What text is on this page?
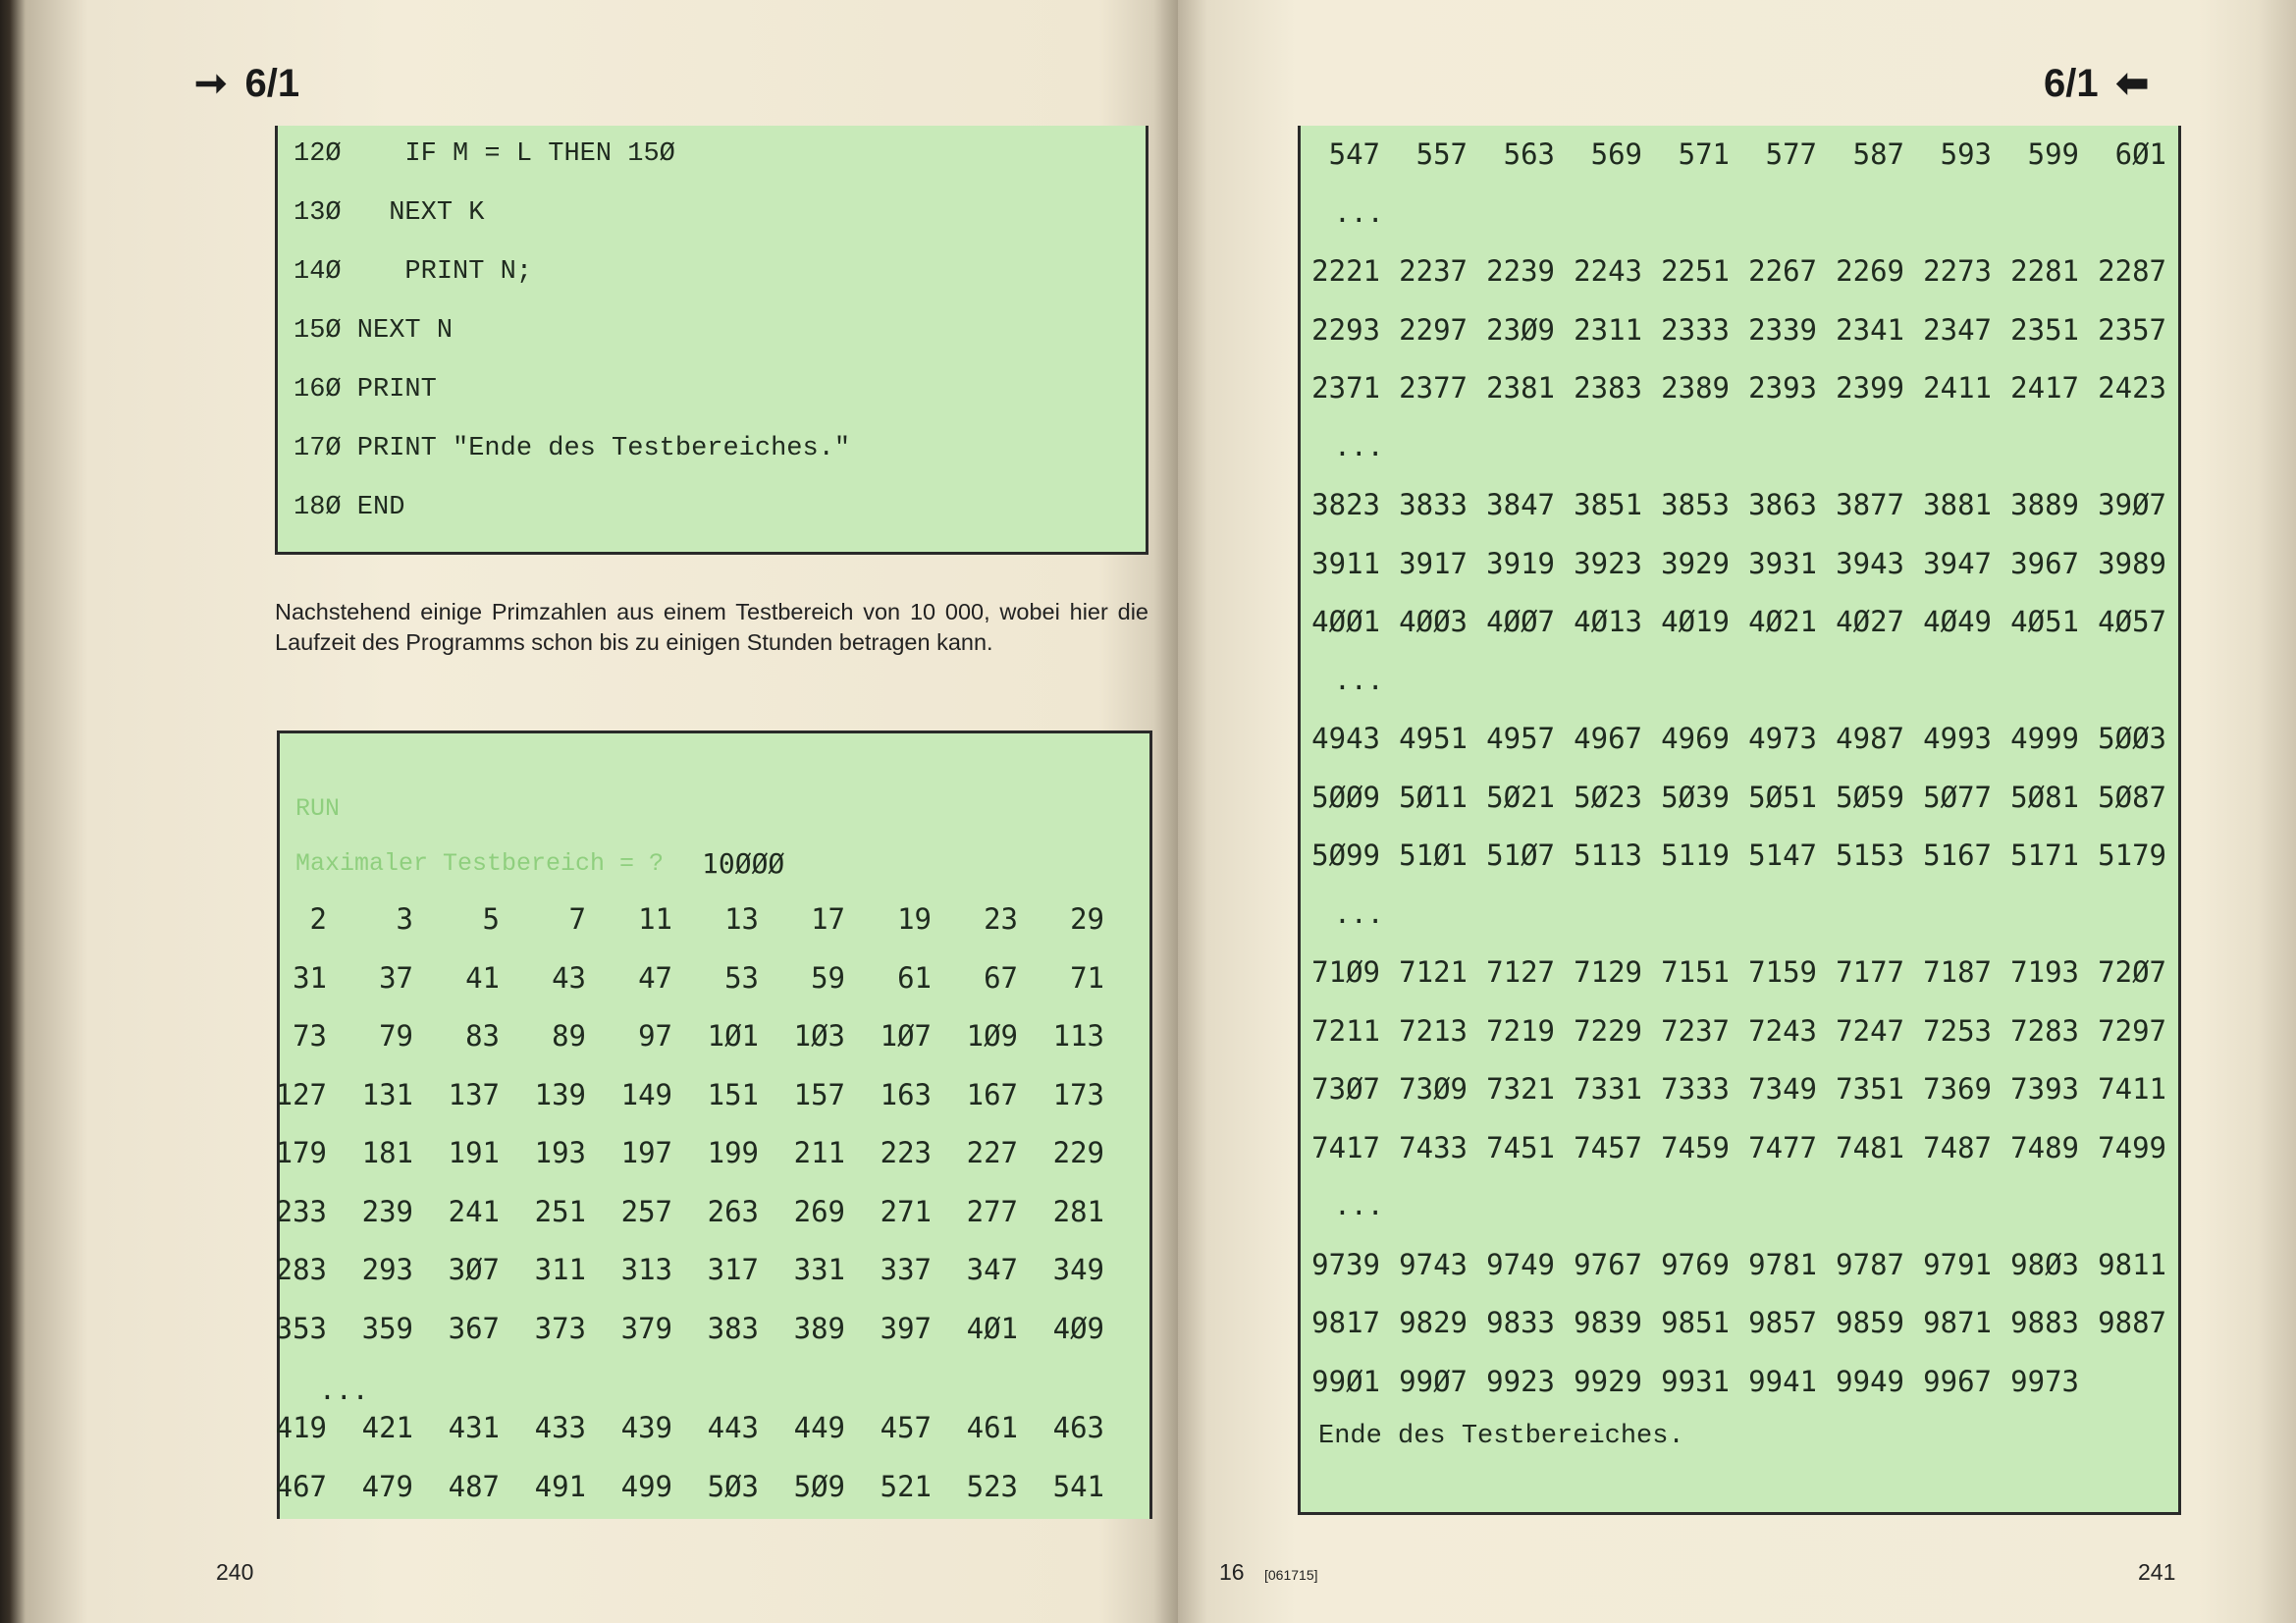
➞ 6/1
12Ø    IF M = L THEN 15Ø
13Ø   NEXT K
14Ø    PRINT N;
15Ø NEXT N
16Ø PRINT
17Ø PRINT "Ende des Testbereiches."
18Ø END
Nachstehend einige Primzahlen aus einem Testbereich von 10 000, wobei hier die Laufzeit des Programms schon bis zu einigen Stunden betragen kann.
RUN
Maximaler Testbereich = ? 10ØØØ
2	3	5	7	11	13	17	19	23	29
31	37	41	43	47	53	59	61	67	71
73	79	83	89	97	1Ø1	1Ø3	1Ø7	1Ø9	113
127	131	137	139	149	151	157	163	167	173
179	181	191	193	197	199	211	223	227	229
233	239	241	251	257	263	269	271	277	281
283	293	3Ø7	311	313	317	331	337	347	349
353	359	367	373	379	383	389	397	4Ø1	4Ø9
...
419	421	431	433	439	443	449	457	461	463
467	479	487	491	499	5Ø3	5Ø9	521	523	541
240
6/1 ⬅
547	557	563	569	571	577	587	593	599	6Ø1
...
2221 2237 2239 2243 2251 2267 2269 2273 2281 2287
2293 2297 23Ø9 2311 2333 2339 2341 2347 2351 2357
2371 2377 2381 2383 2389 2393 2399 2411 2417 2423
...
3823 3833 3847 3851 3853 3863 3877 3881 3889 39Ø7
3911 3917 3919 3923 3929 3931 3943 3947 3967 3989
4ØØ1 4ØØ3 4ØØ7 4Ø13 4Ø19 4Ø21 4Ø27 4Ø49 4Ø51 4Ø57
...
4943 4951 4957 4967 4969 4973 4987 4993 4999 5ØØ3
5ØØ9 5Ø11 5Ø21 5Ø23 5Ø39 5Ø51 5Ø59 5Ø77 5Ø81 5Ø87
5Ø99 51Ø1 51Ø7 5113 5119 5147 5153 5167 5171 5179
...
71Ø9 7121 7127 7129 7151 7159 7177 7187 7193 72Ø7
7211 7213 7219 7229 7237 7243 7247 7253 7283 7297
73Ø7 73Ø9 7321 7331 7333 7349 7351 7369 7393 7411
7417 7433 7451 7457 7459 7477 7481 7487 7489 7499
...
9739 9743 9749 9767 9769 9781 9787 9791 98Ø3 9811
9817 9829 9833 9839 9851 9857 9859 9871 9883 9887
99Ø1 99Ø7 9923 9929 9931 9941 9949 9967 9973
Ende des Testbereiches.
16 [061715]	241
